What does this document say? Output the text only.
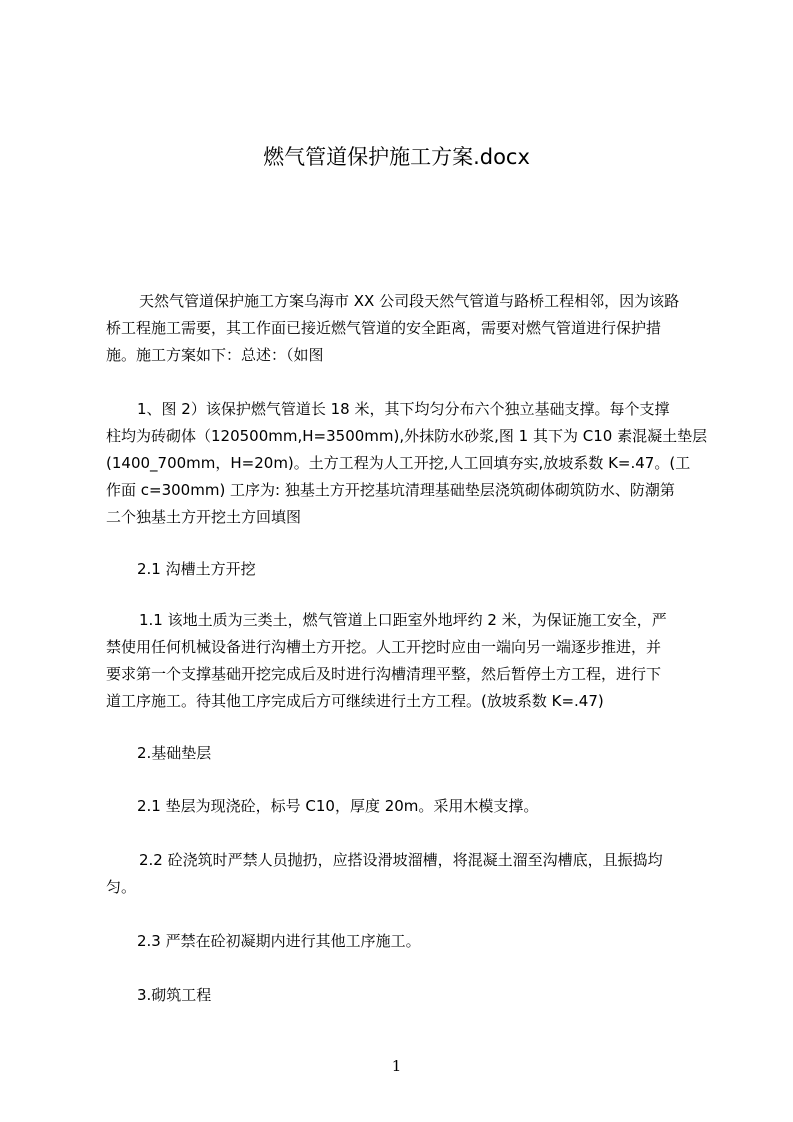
燃气管道保护施工方案.docx

天然气管道保护施工方案乌海市 XX 公司段天然气管道与路桥工程相邻，因为该路

桥工程施工需要，其工作面已接近燃气管道的安全距离，需要对燃气管道进行保护措

施。施工方案如下：总述：（如图

1、图 2）该保护燃气管道长 18 米，其下均匀分布六个独立基础支撑。每个支撑

柱均为砖砌体（120500mm,H=3500mm),外抹防水砂浆,图 1 其下为 C10 素混凝土垫层

(1400_700mm，H=20m)。土方工程为人工开挖,人工回填夯实,放坡系数 K=.47。(工

作面 c=300mm) 工序为: 独基土方开挖基坑清理基础垫层浇筑砌体砌筑防水、防潮第

二个独基土方开挖土方回填图

2.1 沟槽土方开挖

1.1 该地土质为三类土，燃气管道上口距室外地坪约 2 米，为保证施工安全，严

禁使用任何机械设备进行沟槽土方开挖。人工开挖时应由一端向另一端逐步推进，并

要求第一个支撑基础开挖完成后及时进行沟槽清理平整，然后暂停土方工程，进行下

道工序施工。待其他工序完成后方可继续进行土方工程。(放坡系数 K=.47)

2.基础垫层

2.1 垫层为现浇砼，标号 C10，厚度 20m。采用木模支撑。

2.2 砼浇筑时严禁人员抛扔，应搭设滑坡溜槽，将混凝土溜至沟槽底，且振捣均

匀。

2.3 严禁在砼初凝期内进行其他工序施工。

3.砌筑工程

1
